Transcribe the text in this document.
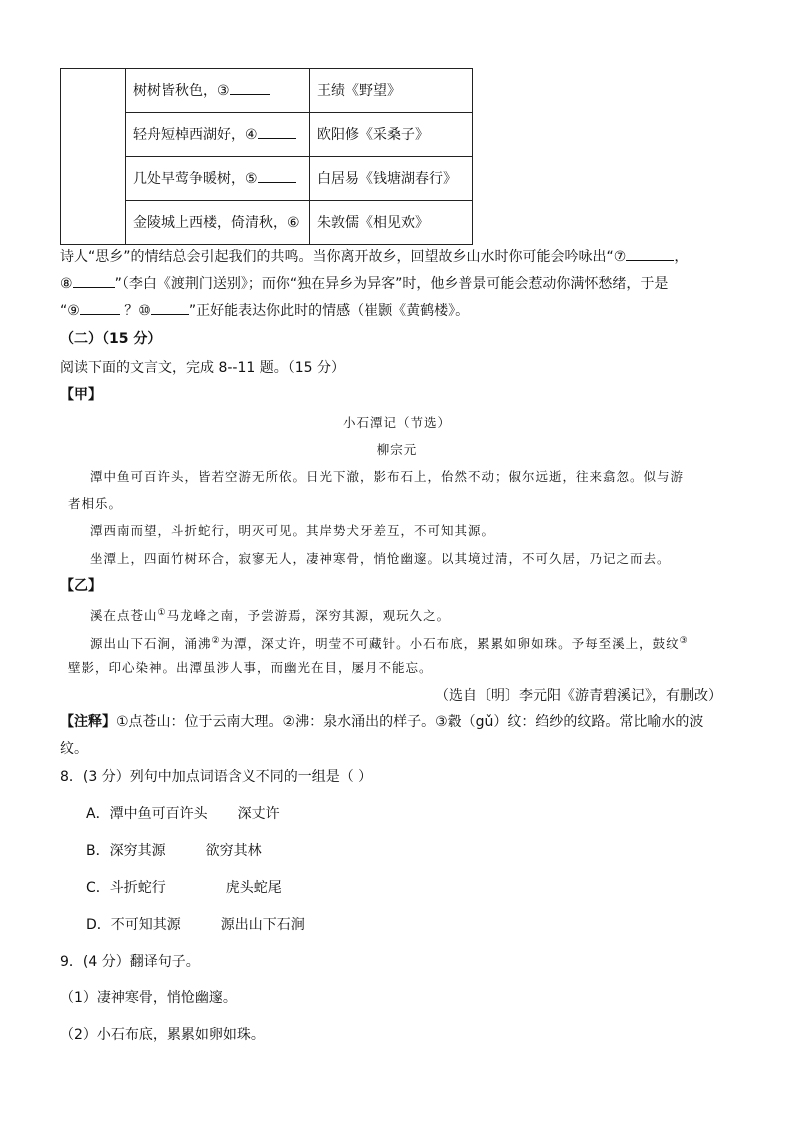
	树树皆秋色，③	王绩《野望》
	轻舟短棹西湖好，④	欧阳修《采桑子》
	几处早莺争暖树，⑤	白居易《钱塘湖春行》
	金陵城上西楼，倚清秋，⑥	朱敦儒《相见欢》
诗人“思乡”的情结总会引起我们的共鸣。当你离开故乡，回望故乡山水时你可能会吟咏出“⑦	，
⑧	”（李白《渡荆门送别》；而你“独在异乡为异客”时，他乡普景可能会惹动你满怀愁绪，于是
“⑨	？⑩	”正好能表达你此时的情感（崔颢《黄鹤楼》。
（二）（15 分）
阅读下面的文言文，完成 8--11 题。（15 分）
【甲】
小石潭记（节选）
柳宗元
潭中鱼可百许头，皆若空游无所依。日光下澈，影布石上，佁然不动；俶尔远逝，往来翕忽。似与游
者相乐。
潭西南而望，斗折蛇行，明灭可见。其岸势犬牙差互，不可知其源。
坐潭上，四面竹树环合，寂寥无人，凄神寒骨，悄怆幽邃。以其境过清，不可久居，乃记之而去。
【乙】
溪在点苍山①马龙峰之南，予尝游焉，深穷其源，观玩久之。
源出山下石涧，涌沸②为潭，深丈许，明莹不可藏针。小石布底，累累如卵如珠。予每至溪上，鼓纹③
壁影，印心染神。出潭虽涉人事，而幽光在目，屡月不能忘。
（选自〔明〕李元阳《游青碧溪记》，有删改）
【注释】①点苍山：位于云南大理。②沸：泉水涌出的样子。③縠（gǔ）纹：绉纱的纹路。常比喻水的波
纹。
8．(3 分）列句中加点词语含义不同的一组是（ ）
A．潭中鱼可百许头 深丈许
B．深穷其源	欲穷其林
C．斗折蛇行	虎头蛇尾
D．不可知其源	源出山下石涧
9．(4 分）翻译句子。
（1）凄神寒骨，悄怆幽邃。
（2）小石布底，累累如卵如珠。
